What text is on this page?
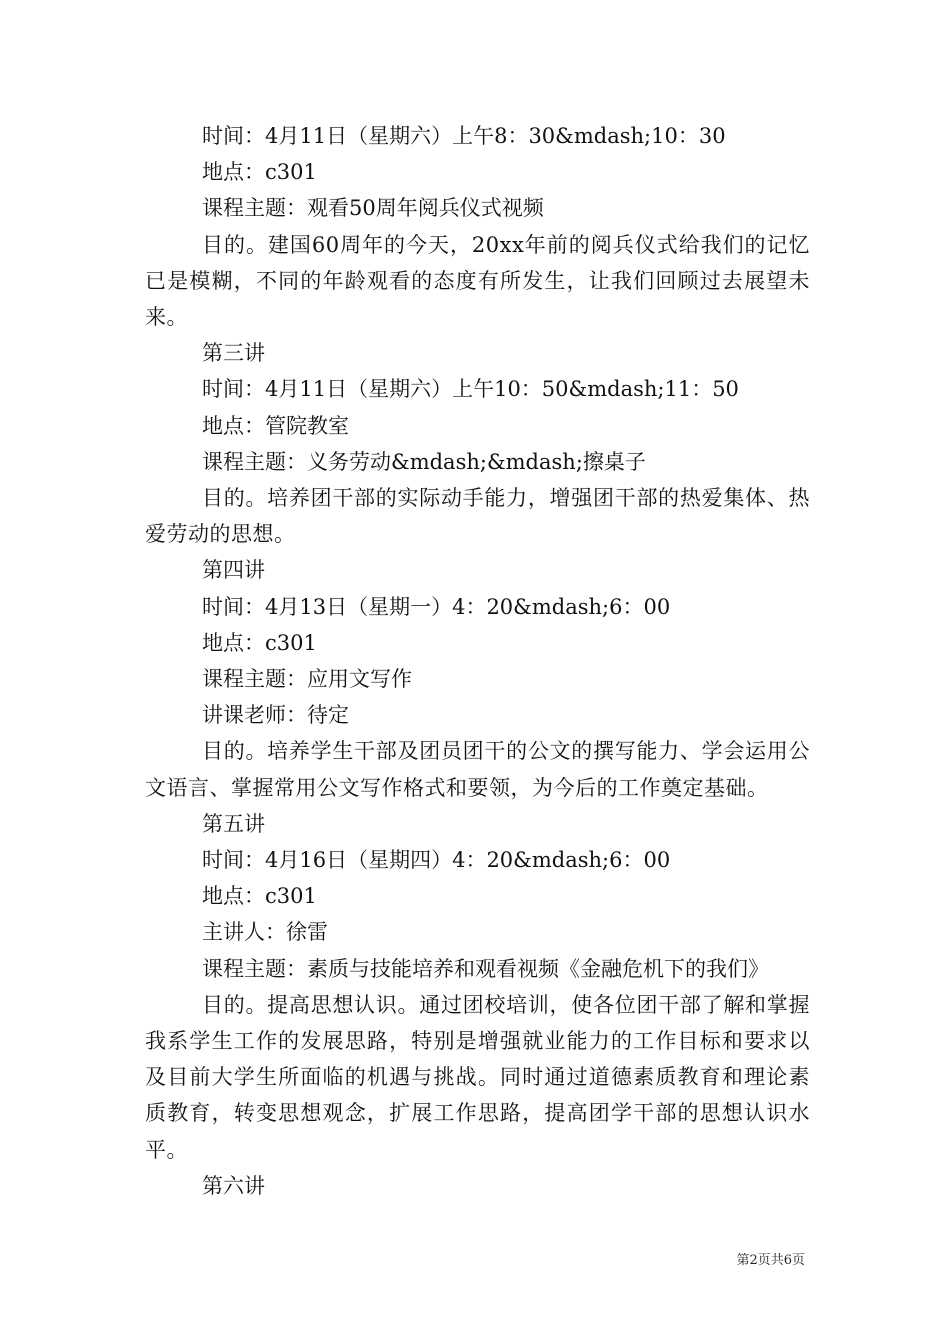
时间：4月11日（星期六）上午8：30&mdash;10：30

地点：c301

课程主题：观看50周年阅兵仪式视频

目的。建国60周年的今天，20xx年前的阅兵仪式给我们的记忆已是模糊，不同的年龄观看的态度有所发生，让我们回顾过去展望未来。

第三讲

时间：4月11日（星期六）上午10：50&mdash;11：50

地点：管院教室

课程主题：义务劳动&mdash;&mdash;擦桌子

目的。培养团干部的实际动手能力，增强团干部的热爱集体、热爱劳动的思想。

第四讲

时间：4月13日（星期一）4：20&mdash;6：00

地点：c301

课程主题：应用文写作

讲课老师：待定

目的。培养学生干部及团员团干的公文的撰写能力、学会运用公文语言、掌握常用公文写作格式和要领，为今后的工作奠定基础。

第五讲

时间：4月16日（星期四）4：20&mdash;6：00

地点：c301

主讲人：徐雷

课程主题：素质与技能培养和观看视频《金融危机下的我们》

目的。提高思想认识。通过团校培训，使各位团干部了解和掌握我系学生工作的发展思路，特别是增强就业能力的工作目标和要求以及目前大学生所面临的机遇与挑战。同时通过道德素质教育和理论素质教育，转变思想观念，扩展工作思路，提高团学干部的思想认识水平。

第六讲

第2页共6页
